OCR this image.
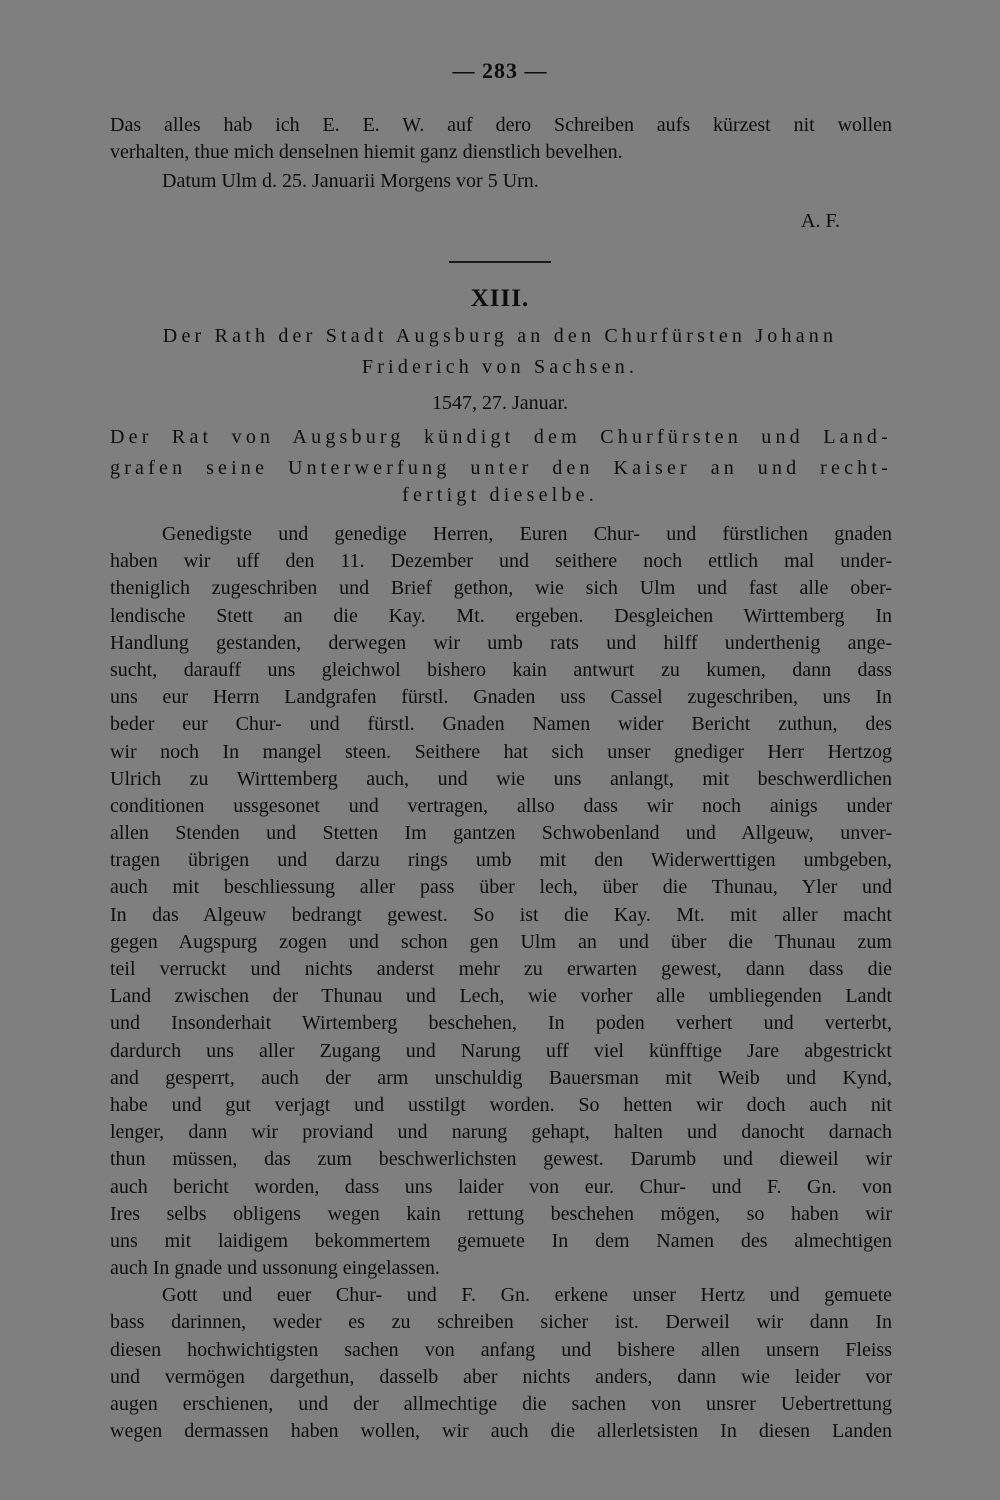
— 283 —
Das alles hab ich E. E. W. auf dero Schreiben aufs kürzest nit wollen
verhalten, thue mich denselnen hiemit ganz dienstlich bevelhen.
Datum Ulm d. 25. Januarii Morgens vor 5 Urn.
A. F.
XIII.
Der Rath der Stadt Augsburg an den Churfürsten Johann
Friderich von Sachsen.
1547, 27. Januar.
Der Rat von Augsburg kündigt dem Churfürsten und Land-
grafen seine Unterwerfung unter den Kaiser an und recht-
fertigt dieselbe.
Genedigste und genedige Herren, Euren Chur- und fürstlichen gnaden
haben wir uff den 11. Dezember und seithere noch ettlich mal under-
theniglich zugeschriben und Brief gethon, wie sich Ulm und fast alle ober-
lendische Stett an die Kay. Mt. ergeben. Desgleichen Wirttemberg In
Handlung gestanden, derwegen wir umb rats und hilff underthenig ange-
sucht, darauff uns gleichwol bishero kain antwurt zu kumen, dann dass
uns eur Herrn Landgrafen fürstl. Gnaden uss Cassel zugeschriben, uns In
beder eur Chur- und fürstl. Gnaden Namen wider Bericht zuthun, des
wir noch In mangel steen. Seithere hat sich unser gnediger Herr Hertzog
Ulrich zu Wirttemberg auch, und wie uns anlangt, mit beschwerdlichen
conditionen ussgesonet und vertragen, allso dass wir noch ainigs under
allen Stenden und Stetten Im gantzen Schwobenland und Allgeuw, unver-
tragen übrigen und darzu rings umb mit den Widerwerttigen umbgeben,
auch mit beschliessung aller pass über lech, über die Thunau, Yler und
In das Algeuw bedrangt gewest. So ist die Kay. Mt. mit aller macht
gegen Augspurg zogen und schon gen Ulm an und über die Thunau zum
teil verruckt und nichts anderst mehr zu erwarten gewest, dann dass die
Land zwischen der Thunau und Lech, wie vorher alle umbliegenden Landt
und Insonderhait Wirtemberg beschehen, In poden verhert und verterbt,
dardurch uns aller Zugang und Narung uff viel künfftige Jare abgestrickt
and gesperrt, auch der arm unschuldig Bauersman mit Weib und Kynd,
habe und gut verjagt und usstilgt worden. So hetten wir doch auch nit
lenger, dann wir proviand und narung gehapt, halten und danocht darnach
thun müssen, das zum beschwerlichsten gewest. Darumb und dieweil wir
auch bericht worden, dass uns laider von eur. Chur- und F. Gn. von
Ires selbs obligens wegen kain rettung beschehen mögen, so haben wir
uns mit laidigem bekommertem gemuete In dem Namen des almechtigen
auch In gnade und ussonung eingelassen.
Gott und euer Chur- und F. Gn. erkene unser Hertz und gemuete
bass darinnen, weder es zu schreiben sicher ist. Derweil wir dann In
diesen hochwichtigsten sachen von anfang und bishere allen unsern Fleiss
und vermögen dargethun, dasselb aber nichts anders, dann wie leider vor
augen erschienen, und der allmechtige die sachen von unsrer Uebertrettung
wegen dermassen haben wollen, wir auch die allerletsisten In diesen Landen
